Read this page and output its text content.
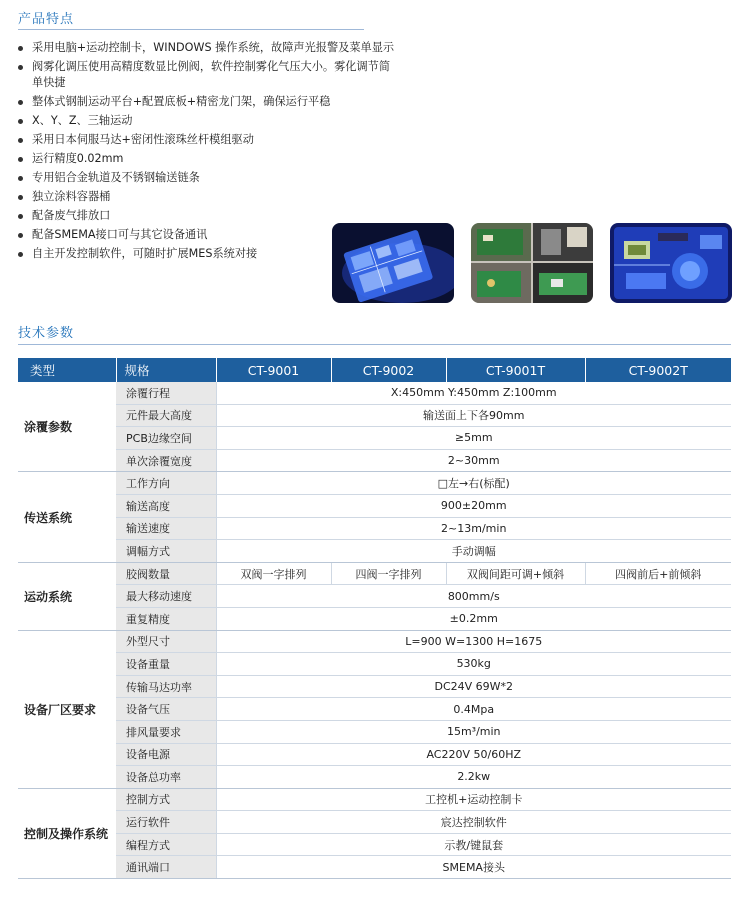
产品特点
采用电脑+运动控制卡，WINDOWS 操作系统，故障声光报警及菜单显示
阀雾化调压使用高精度数显比例阀，软件控制雾化气压大小。雾化调节简单快捷
整体式钢制运动平台+配置底板+精密龙门架，确保运行平稳
X、Y、Z、三轴运动
采用日本伺服马达+密闭性滚珠丝杆模组驱动
运行精度0.02mm
专用铝合金轨道及不锈钢输送链条
独立涂料容器桶
配备废气排放口
配备SMEMA接口可与其它设备通讯
自主开发控制软件，可随时扩展MES系统对接
技术参数
类型	规格	CT-9001	CT-9002	CT-9001T	CT-9002T
涂覆参数	涂覆行程	X:450mm Y:450mm Z:100mm			
	元件最大高度	输送面上下各90mm			
	PCB边缘空间	≥5mm			
	单次涂覆宽度	2~30mm			
传送系统	工作方向	□左→右(标配)			
	输送高度	900±20mm			
	输送速度	2~13m/min			
	调幅方式	手动调幅			
运动系统	胶阀数量	双阀一字排列	四阀一字排列	双阀间距可调+倾斜	四阀前后+前倾斜
	最大移动速度	800mm/s			
	重复精度	±0.2mm			
设备厂区要求	外型尺寸	L=900 W=1300 H=1675			
	设备重量	530kg			
	传输马达功率	DC24V 69W*2			
	设备气压	0.4Mpa			
	排风量要求	15m³/min			
	设备电源	AC220V 50/60HZ			
	设备总功率	2.2kw			
控制及操作系统	控制方式	工控机+运动控制卡			
	运行软件	宸达控制软件			
	编程方式	示教/键鼠套			
	通讯端口	SMEMA接头			
